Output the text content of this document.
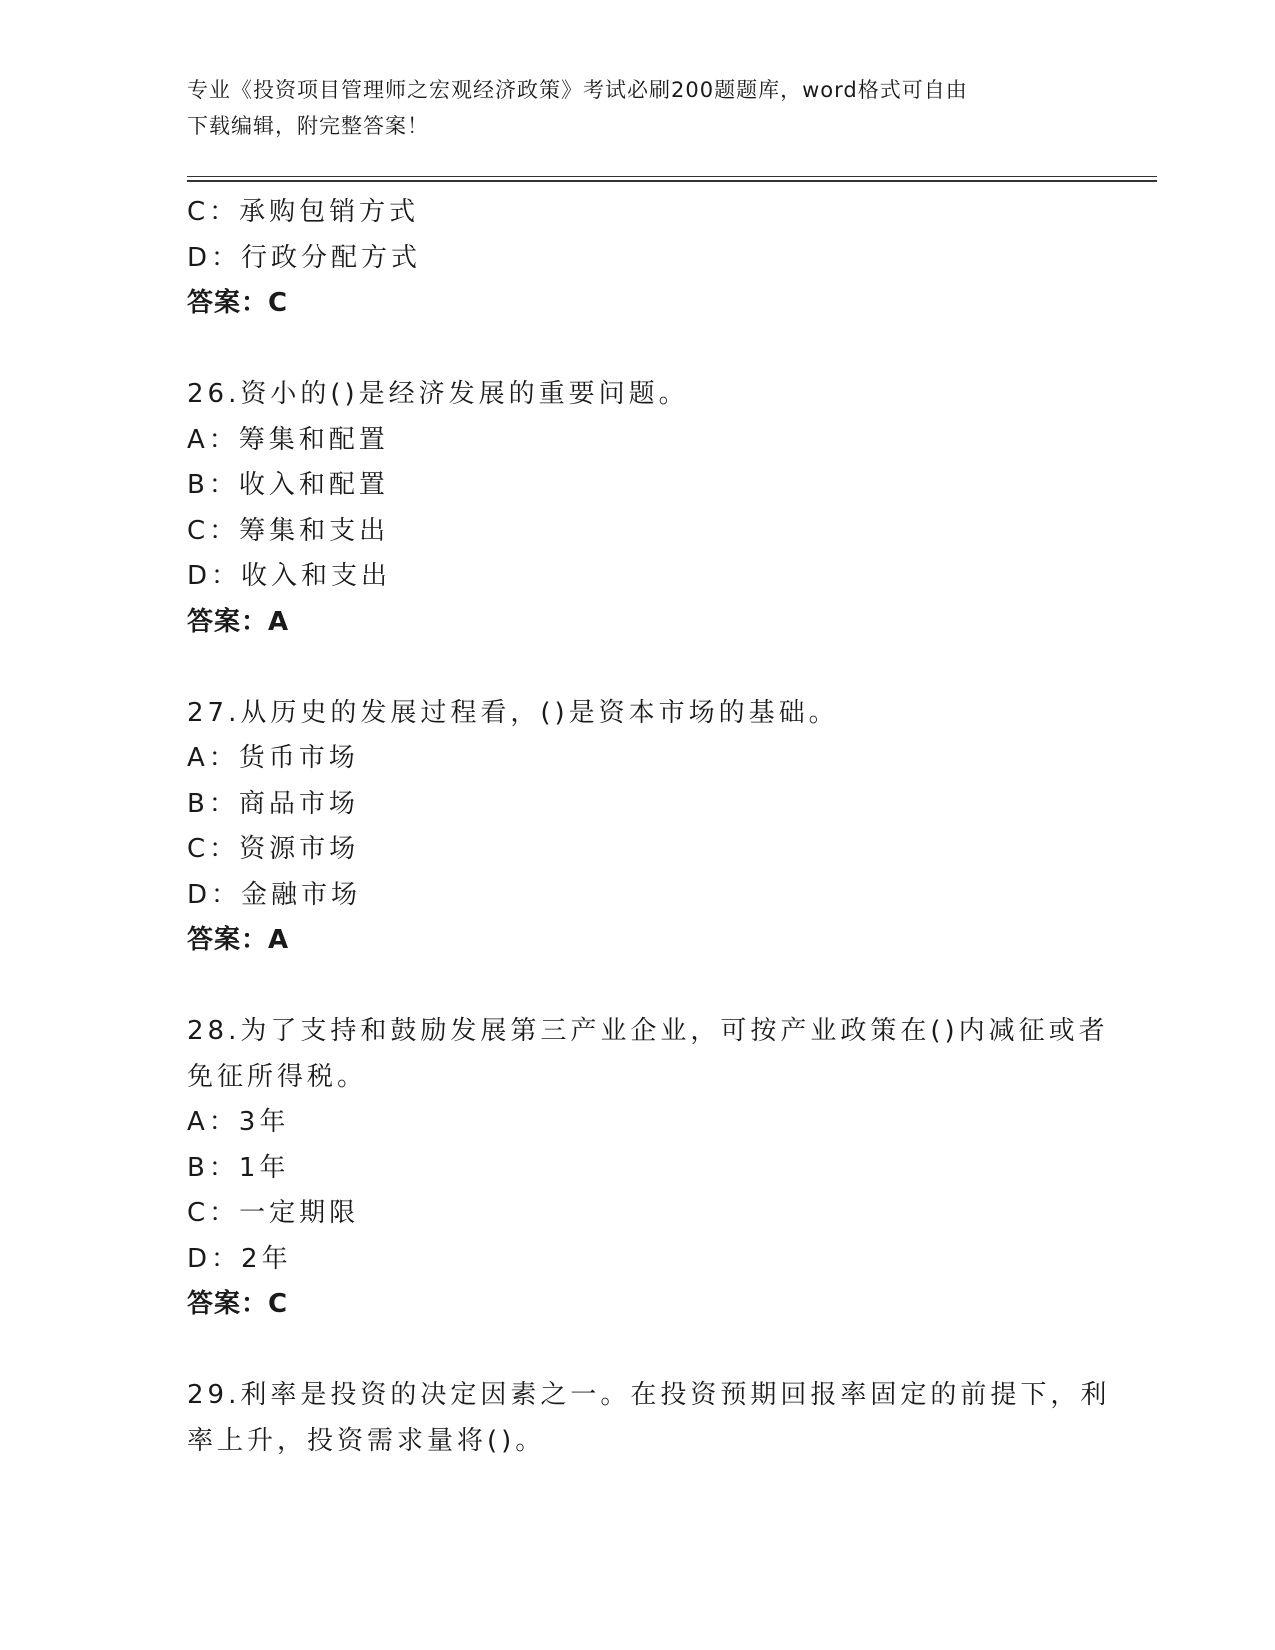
专业《投资项目管理师之宏观经济政策》考试必刷200题题库，word格式可自由
下载编辑，附完整答案！
C：承购包销方式
D：行政分配方式
答案：C
26.资小的()是经济发展的重要问题。
A：筹集和配置
B：收入和配置
C：筹集和支出
D：收入和支出
答案：A
27.从历史的发展过程看，()是资本市场的基础。
A：货币市场
B：商品市场
C：资源市场
D：金融市场
答案：A
28.为了支持和鼓励发展第三产业企业，可按产业政策在()内减征或者
免征所得税。
A：3年
B：1年
C：一定期限
D：2年
答案：C
29.利率是投资的决定因素之一。在投资预期回报率固定的前提下，利
率上升，投资需求量将()。
